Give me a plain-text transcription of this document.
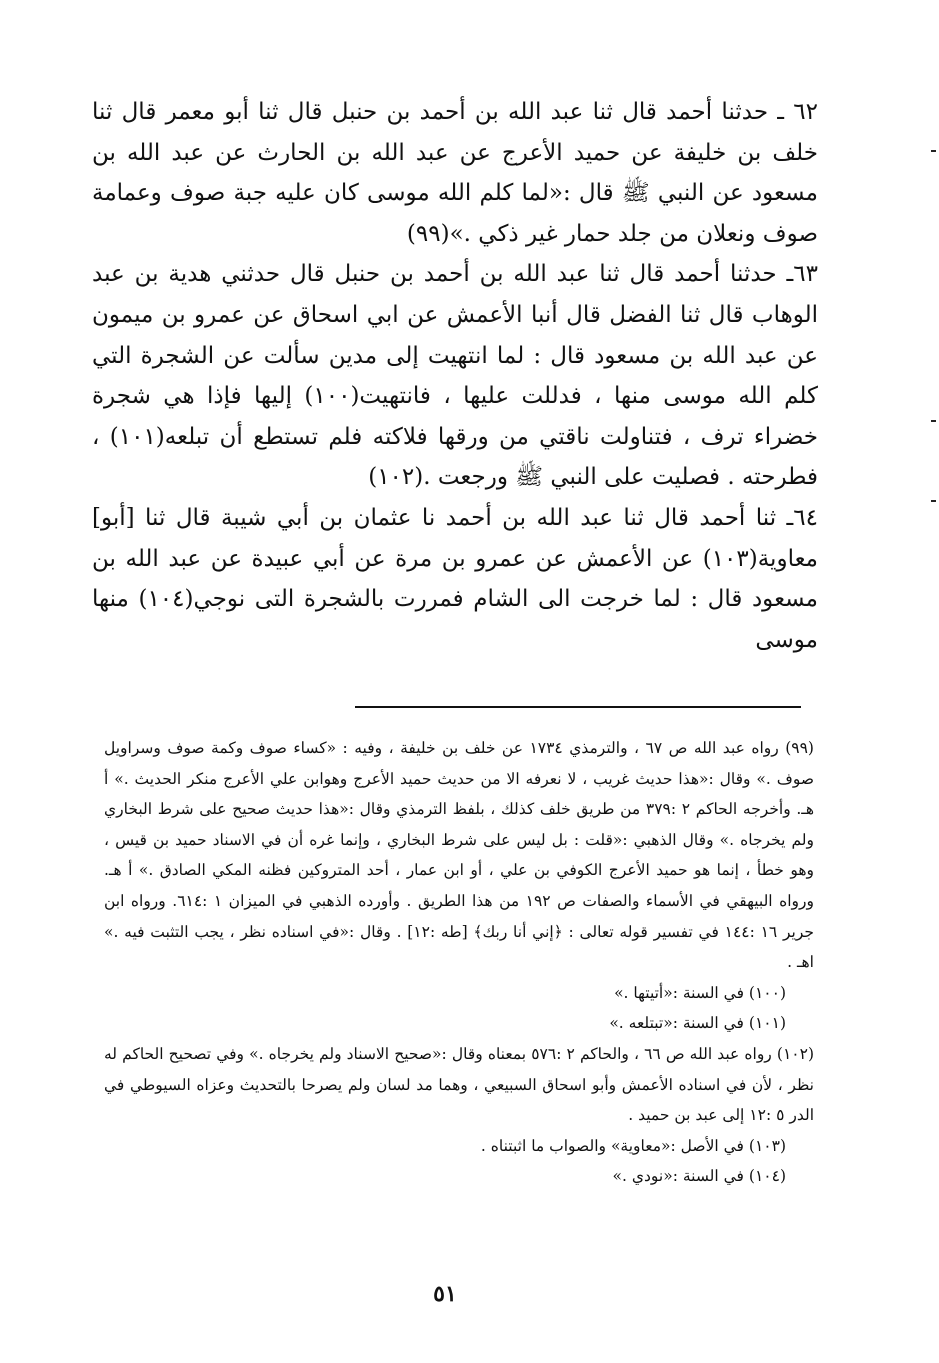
٦٢ ـ حدثنا أحمد قال ثنا عبد الله بن أحمد بن حنبل قال ثنا أبو معمر قال ثنا خلف بن خليفة عن حميد الأعرج عن عبد الله بن الحارث عن عبد الله بن مسعود عن النبي ﷺ قال :«لما كلم الله موسى كان عليه جبة صوف وعمامة صوف ونعلان من جلد حمار غير ذكي .»(٩٩)

٦٣ـ حدثنا أحمد قال ثنا عبد الله بن أحمد بن حنبل قال حدثني هدية بن عبد الوهاب قال ثنا الفضل قال أنبا الأعمش عن ابي اسحاق عن عمرو بن ميمون عن عبد الله بن مسعود قال : لما انتهيت إلى مدين سألت عن الشجرة التي كلم الله موسى منها ، فدللت عليها ، فانتهيت(١٠٠) إليها فإذا هي شجرة خضراء ترف ، فتناولت ناقتي من ورقها فلاكته فلم تستطع أن تبلعه(١٠١) ، فطرحته . فصليت على النبي ﷺ ورجعت .(١٠٢)

٦٤ـ ثنا أحمد قال ثنا عبد الله بن أحمد نا عثمان بن أبي شيبة قال ثنا [أبو] معاوية(١٠٣) عن الأعمش عن عمرو بن مرة عن أبي عبيدة عن عبد الله بن مسعود قال : لما خرجت الى الشام فمررت بالشجرة التى نوجي(١٠٤) منها موسى

(٩٩) رواه عبد الله ص ٦٧ ، والترمذي ١٧٣٤ عن خلف بن خليفة ، وفيه : «كساء صوف وكمة صوف وسراويل صوف .» وقال :«هذا حديث غريب ، لا نعرفه الا من حديث حميد الأعرج وهوابن علي الأعرج منكر الحديث .» أ هـ. وأخرجه الحاكم ٢ :٣٧٩ من طريق خلف كذلك ، بلفظ الترمذي وقال :«هذا حديث صحيح على شرط البخاري ولم يخرجاه .» وقال الذهبي :«قلت : بل ليس على شرط البخاري ، وإنما غره أن في الاسناد حميد بن قيس ، وهو خطأ ، إنما هو حميد الأعرج الكوفي بن علي ، أو ابن عمار ، أحد المتروكين فظنه المكي الصادق .» أ هـ. ورواه البيهقي في الأسماء والصفات ص ١٩٢ من هذا الطريق . وأورده الذهبي في الميزان ١ :٦١٤. ورواه ابن جرير ١٦ :١٤٤ في تفسير قوله تعالى : ﴿إني أنا ربك﴾ [طه :١٢] . وقال :«في اسناده نظر ، يجب التثبت فيه .» اهـ .

(١٠٠) في السنة :«أتيتها .»

(١٠١) في السنة :«تبتلعه .»

(١٠٢) رواه عبد الله ص ٦٦ ، والحاكم ٢ :٥٧٦ بمعناه وقال :«صحيح الاسناد ولم يخرجاه .» وفي تصحيح الحاكم له نظر ، لأن في اسناده الأعمش وأبو اسحاق السبيعي ، وهما مد لسان ولم يصرحا بالتحديث وعزاه السيوطي في الدر ٥ :١٢ إلى عبد بن حميد .

(١٠٣) في الأصل :«معاوية» والصواب ما اثبتناه .

(١٠٤) في السنة :«نودي .»

٥١
